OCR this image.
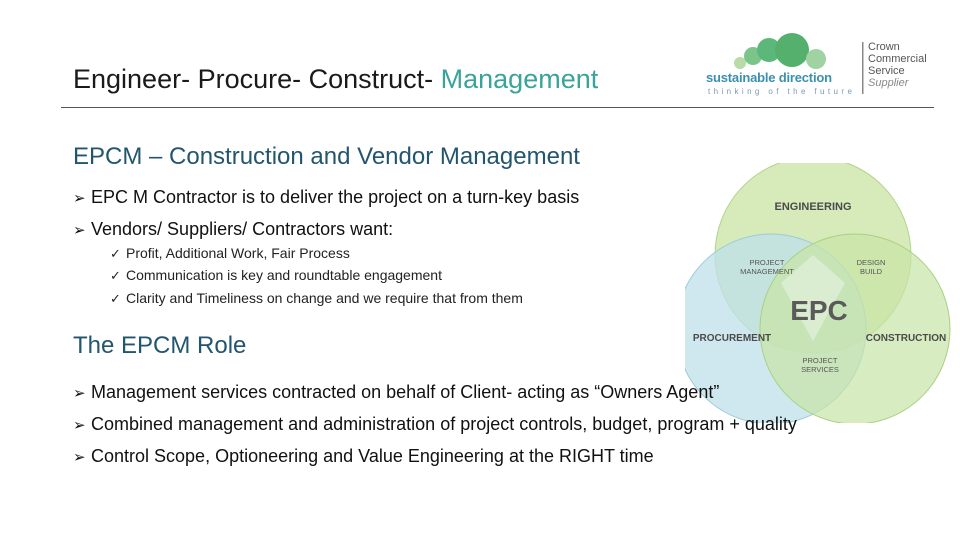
Engineer- Procure- Construct- Management	sustainable direction
thinking of the future
Crown
Commercial
Service
Supplier
ENGINEERING
PROCUREMENT	CONSTRUCTION
EPC
PROJECT
MANAGEMENT
DESIGN
BUILD
PROJECT
SERVICES
EPCM – Construction and Vendor Management
➢ EPC M Contractor is to deliver the project on a turn-key basis
➢ Vendors/ Suppliers/ Contractors want:
✓ Profit, Additional Work, Fair Process
✓ Communication is key and roundtable engagement
✓ Clarity and Timeliness on change and we require that from them
The EPCM Role
➢ Management services contracted on behalf of Client- acting as “Owners Agent”
➢ Combined management and administration of project controls, budget, program + quality
➢ Control Scope, Optioneering and Value Engineering at the RIGHT time
